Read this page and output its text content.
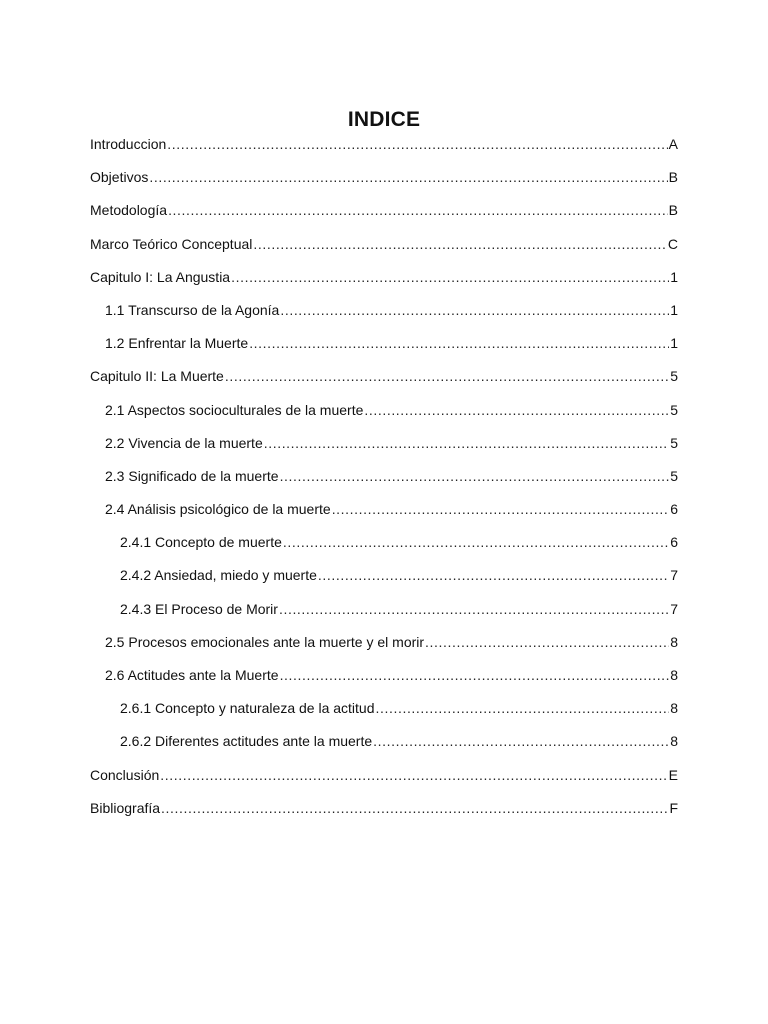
INDICE
Introduccion .....	A
Objetivos .....	B
Metodología .....	B
Marco Teórico Conceptual .....	C
Capitulo I: La Angustia .....	1
1.1 Transcurso de la Agonía .....	1
1.2 Enfrentar la Muerte .....	1
Capitulo II: La Muerte .....	5
2.1 Aspectos socioculturales de la muerte .....	5
2.2 Vivencia de la muerte .....	5
2.3 Significado de la muerte .....	5
2.4 Análisis psicológico de la muerte .....	6
2.4.1 Concepto de muerte .....	6
2.4.2 Ansiedad, miedo y muerte .....	7
2.4.3 El Proceso de Morir .....	7
2.5 Procesos emocionales ante la muerte y el morir .....	8
2.6 Actitudes ante la Muerte .....	8
2.6.1 Concepto y naturaleza de la actitud .....	8
2.6.2 Diferentes actitudes ante la muerte .....	8
Conclusión .....	E
Bibliografía .....	F
